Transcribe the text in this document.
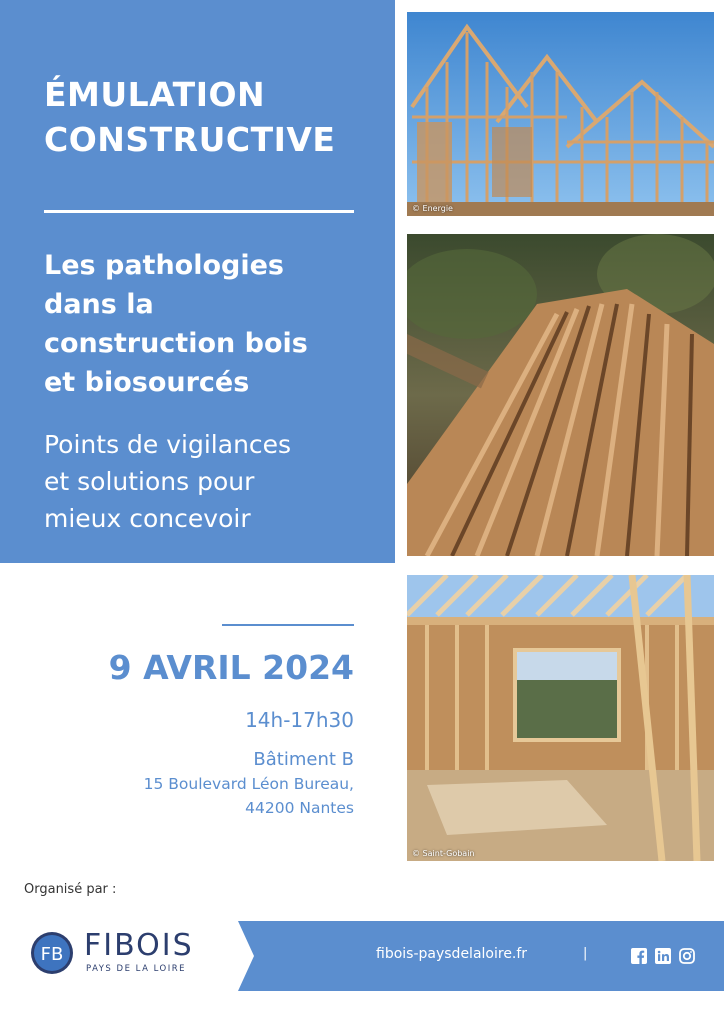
ÉMULATION
CONSTRUCTIVE
Les pathologies
dans la
construction bois
et biosourcés

Points de vigilances
et solutions pour
mieux concevoir

© Energie
© Saint-Gobain
9 AVRIL 2024
14h-17h30
Bâtiment B
15 Boulevard Léon Bureau,
44200 Nantes
Organisé par :
FB FIBOIS
PAYS DE LA LOIRE
fibois-paysdelaloire.fr	|
